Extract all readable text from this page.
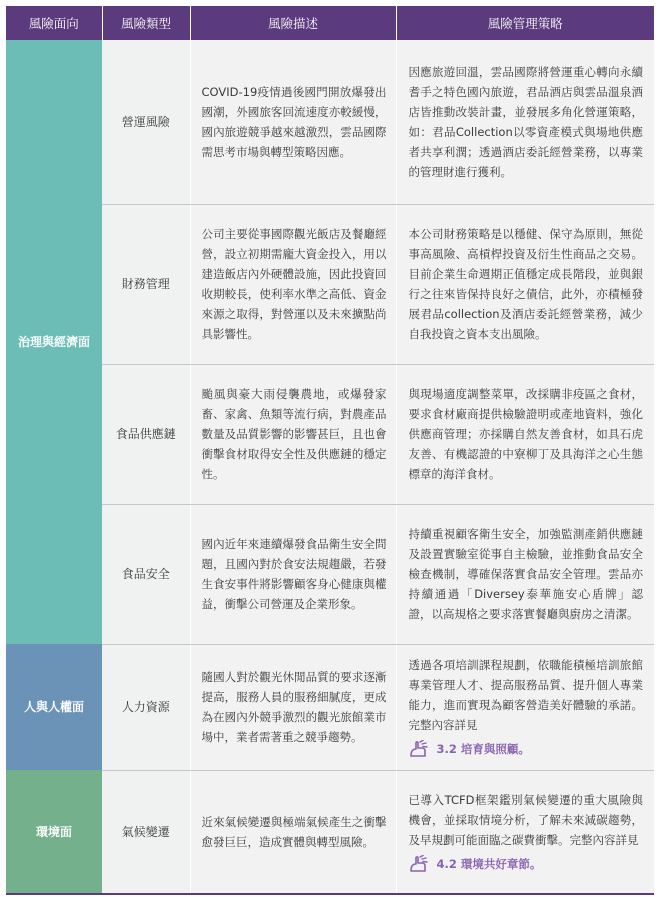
風險面向	風險類型	風險描述	風險管理策略
治理與經濟面	營運風險	COVID-19疫情過後國門開放爆發出國潮，外國旅客回流速度亦較緩慢，國內旅遊競爭越來越激烈，雲品國際需思考市場與轉型策略因應。	因應旅遊回溫，雲品國際將營運重心轉向永續耆手之特色國內旅遊，君品酒店與雲品溫泉酒店皆推動改裝計畫，並發展多角化營運策略，如：君品Collection以零資產模式與場地供應者共享利潤；透過酒店委託經營業務，以專業的管理財進行獲利。
	財務管理	公司主要從事國際觀光飯店及餐廳經營，設立初期需龐大資金投入，用以建造飯店內外硬體設施，因此投資回收期較長，使利率水準之高低、資金來源之取得，對營運以及未來擴點尚具影響性。	本公司財務策略是以穩健、保守為原則，無從事高風險、高槓桿投資及衍生性商品之交易。目前企業生命週期正值穩定成長階段，並與銀行之往來皆保持良好之債信，此外，亦積極發展君品collection及酒店委託經營業務，減少自我投資之資本支出風險。
	食品供應鏈	颱風與豪大雨侵襲農地，或爆發家畜、家禽、魚類等流行病，對農產品數量及品質影響的影響甚巨，且也會衝擊食材取得安全性及供應鏈的穩定性。	與現場適度調整菜單，改採購非疫區之食材，要求食材廠商提供檢驗證明或產地資料，強化供應商管理；亦採購自然友善食材，如具石虎友善、有機認證的中寮柳丁及具海洋之心生態標章的海洋食材。
	食品安全	國內近年來連續爆發食品衛生安全問題，且國內對於食安法規趨嚴，若發生食安事件將影響顧客身心健康與權益，衝擊公司營運及企業形象。	持續重視顧客衛生安全，加強監測產銷供應鏈及設置實驗室從事自主檢驗，並推動食品安全檢查機制，導確保落實食品安全管理。雲品亦持續通過「Diversey泰華施安心盾牌」認證，以高規格之要求落實餐廳與廚房之清潔。
人與人權面	人力資源	隨國人對於觀光休閒品質的要求逐漸提高，服務人員的服務細膩度，更成為在國內外競爭激烈的觀光旅館業市場中，業者需著重之競爭趨勢。	透過各項培訓課程規劃，依職能積極培訓旅館專業管理人才、提高服務品質、提升個人專業能力，進而實現為顧客營造美好體驗的承諾。完整內容詳見
3.2 培育與照顧。

環境面	氣候變遷	近來氣候變遷與極端氣候產生之衝擊愈發巨巨，造成實體與轉型風險。	已導入TCFD框架鑑別氣候變遷的重大風險與機會，並採取情境分析，了解未來減碳趨勢，及早規劃可能面臨之碳費衝擊。完整內容詳見
4.2 環境共好章節。
